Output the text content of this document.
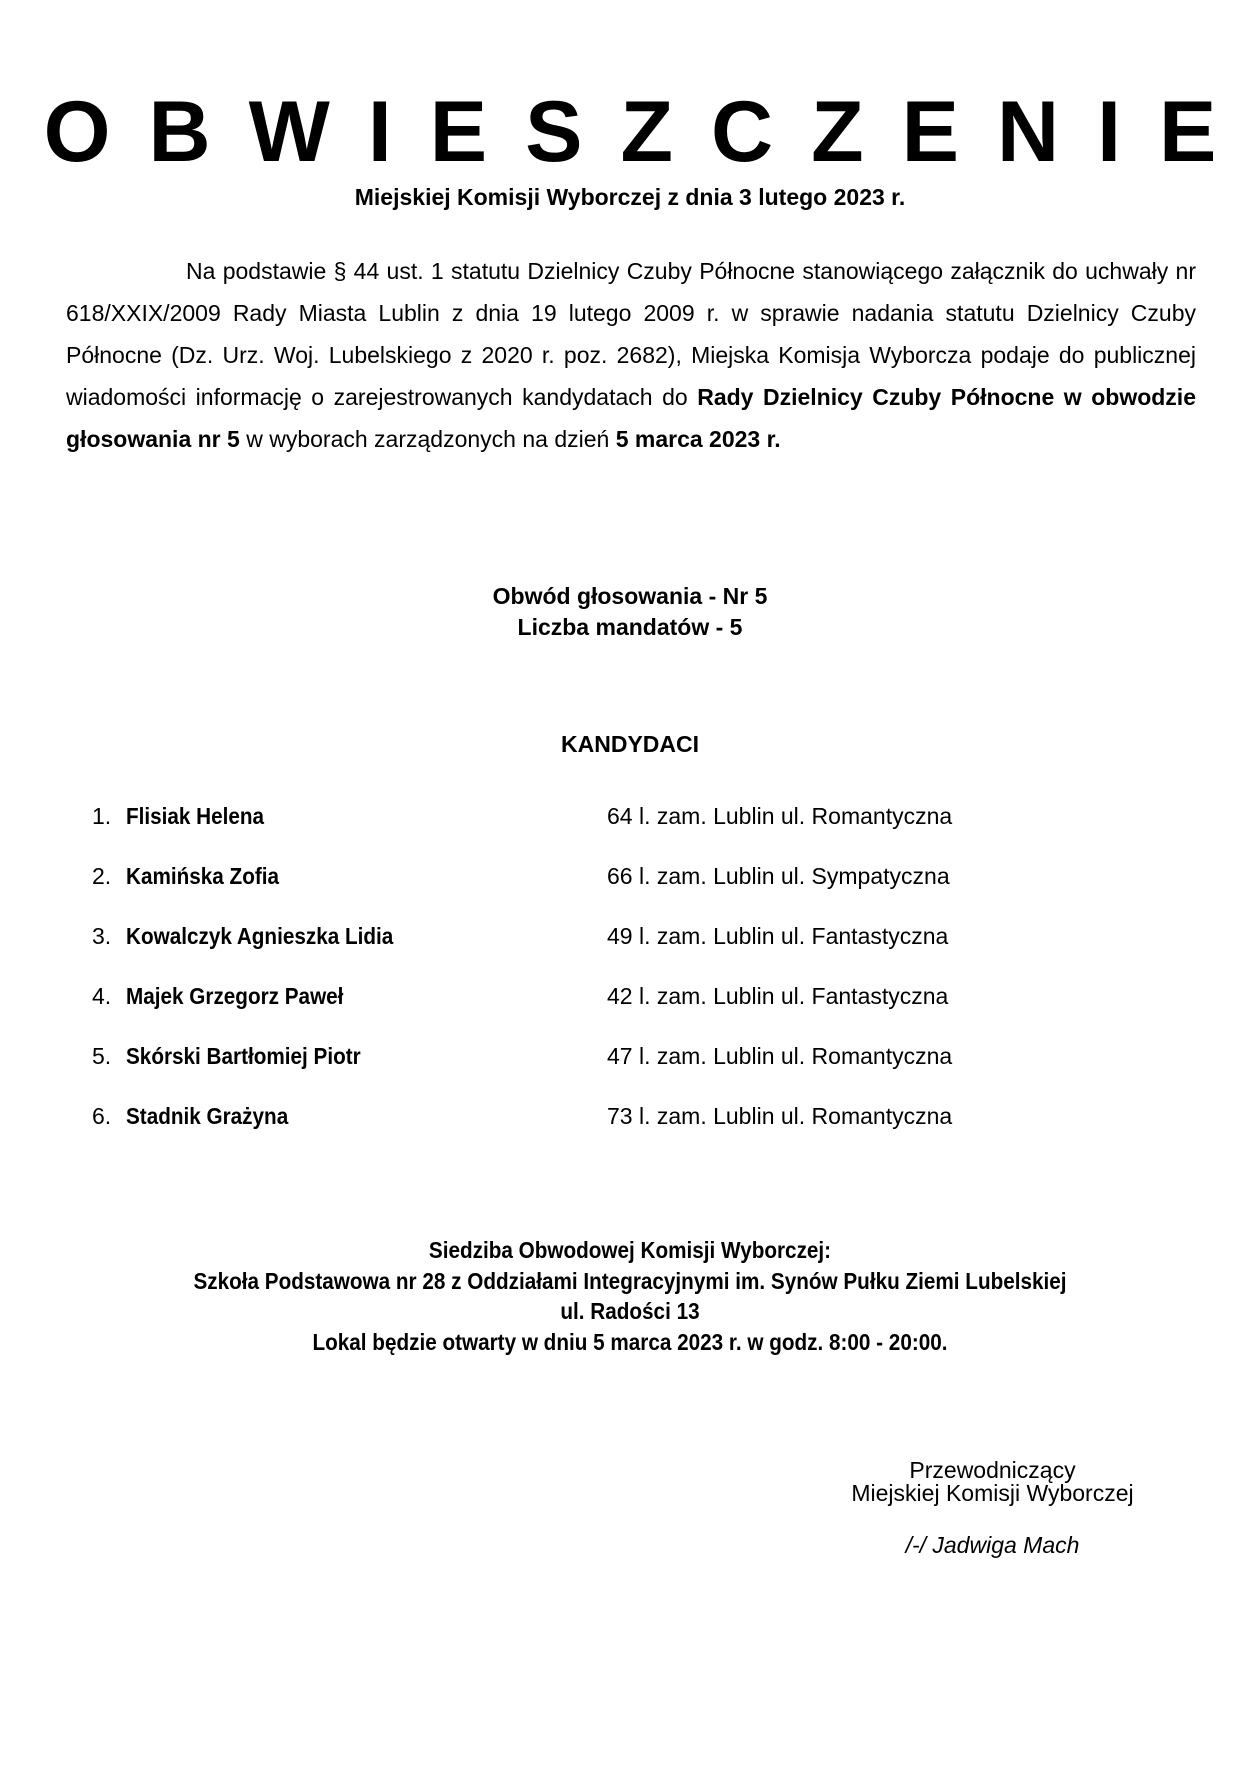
OBWIESZCZENIE
Miejskiej Komisji Wyborczej z dnia 3 lutego 2023 r.
Na podstawie § 44 ust. 1 statutu Dzielnicy Czuby Północne stanowiącego załącznik do uchwały nr 618/XXIX/2009 Rady Miasta Lublin z dnia 19 lutego 2009 r. w sprawie nadania statutu Dzielnicy Czuby Północne (Dz. Urz. Woj. Lubelskiego z 2020 r. poz. 2682), Miejska Komisja Wyborcza podaje do publicznej wiadomości informację o zarejestrowanych kandydatach do Rady Dzielnicy Czuby Północne w obwodzie głosowania nr 5 w wyborach zarządzonych na dzień 5 marca 2023 r.
Obwód głosowania - Nr 5
Liczba mandatów - 5
KANDYDACI
1. Flisiak Helena	64 l. zam. Lublin ul. Romantyczna
2. Kamińska Zofia	66 l. zam. Lublin ul. Sympatyczna
3. Kowalczyk Agnieszka Lidia	49 l. zam. Lublin ul. Fantastyczna
4. Majek Grzegorz Paweł	42 l. zam. Lublin ul. Fantastyczna
5. Skórski Bartłomiej Piotr	47 l. zam. Lublin ul. Romantyczna
6. Stadnik Grażyna	73 l. zam. Lublin ul. Romantyczna
Siedziba Obwodowej Komisji Wyborczej:
Szkoła Podstawowa nr 28 z Oddziałami Integracyjnymi im. Synów Pułku Ziemi Lubelskiej
ul. Radości 13
Lokal będzie otwarty w dniu 5 marca 2023 r. w godz. 8:00 - 20:00.
Przewodniczący
Miejskiej Komisji Wyborczej
/-/ Jadwiga Mach
